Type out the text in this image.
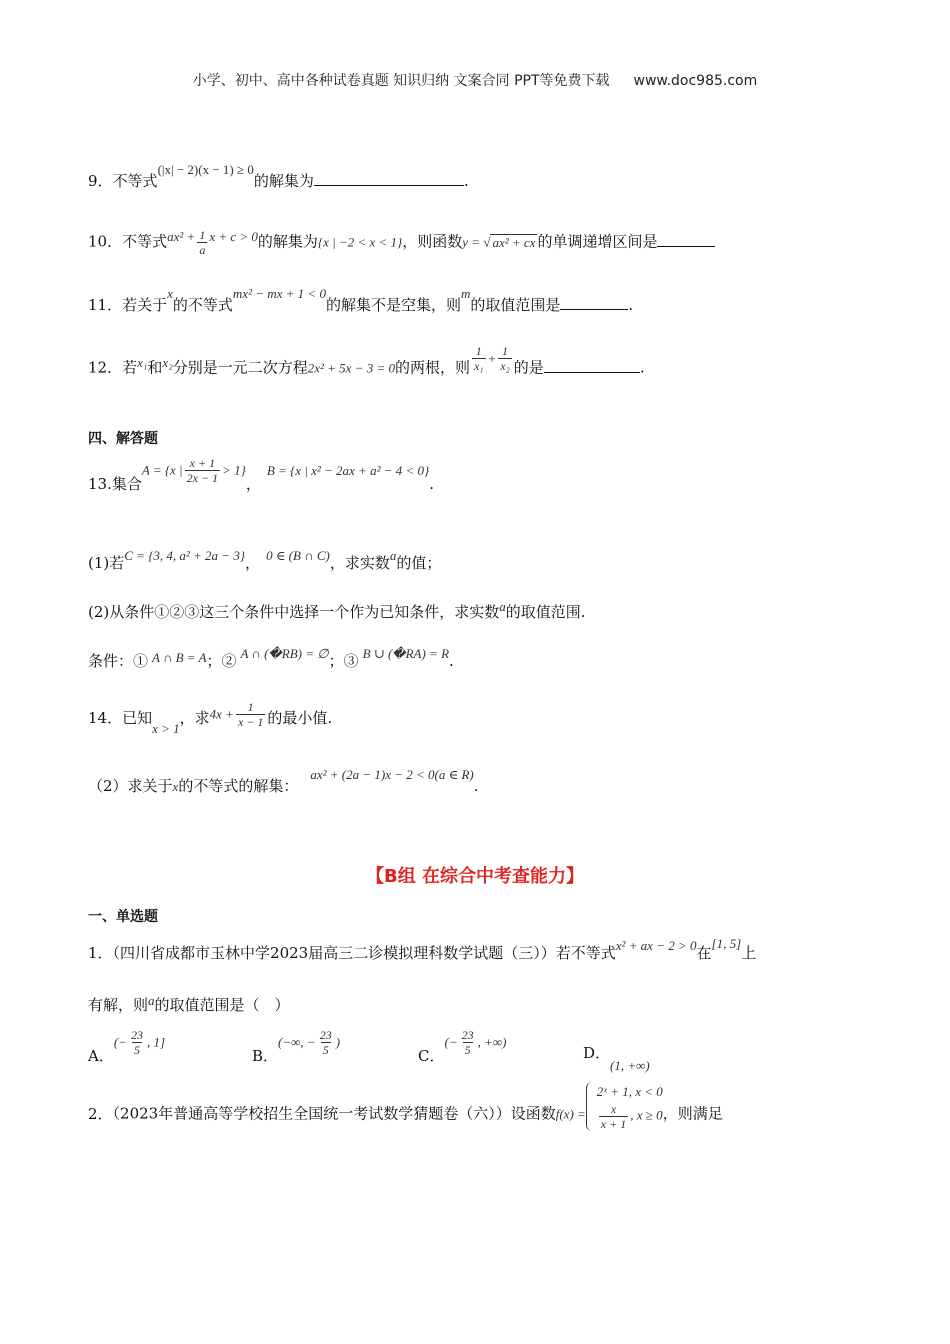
小学、初中、高中各种试卷真题 知识归纳 文案合同 PPT等免费下载 www.doc985.com
9．不等式(|x| − 2)(x − 1) ≥ 0的解集为	.
10．不等式$ax^2 + \frac{1}{a}$ x + c > 0的解集为{x | −2 < x < 1}，则函数y = √ ax² + cx 的单调递增区间是
11．若关于x的不等式mx² − mx + 1 < 0的解集不是空集，则m的取值范围是	.
12．若x₁和x₂分别是一元二次方程2x² + 5x − 3 = 0的两根，则 $\frac{1}{\text{x₁}} + \frac{1}{\text{x₂}}$ 的是	.
四、解答题
13.集合A = {x | $\frac{x + 1}{2x - 1} > 1$}，B = {x | x² − 2ax + a² − 4 < 0}.
(1)若C = {3, 4, a² + 2a − 3}， 0 ∈ (B ∩ C)，求实数a的值；
(2)从条件①②③这三个条件中选择一个作为已知条件，求实数a的取值范围.
条件：① A ∩ B = A；② A ∩ (�RB) = ∅；③ B ∪ (�RA) = R.
14．已知x > 1，求$4x + \frac{1}{x - 1}$ 的最小值.
（2）求关于x的不等式的解集：ax² + (2a − 1)x − 2 < 0(a ∈ R).
【B组 在综合中考查能力】
一、单选题
1．（四川省成都市玉林中学2023届高三二诊模拟理科数学试题（三））若不等式x² + ax − 2 > 0在[1, 5]上
有解，则a的取值范围是（　）
A．(− $\frac{23}{5}$ , 1]
B．(−∞, − $\frac{23}{5}$ )
C．(− $\frac{23}{5}$ , +∞)
D．(1, +∞)
2．（2023年普通高等学校招生全国统一考试数学猜题卷（六））设函数f(x) =
2ˣ + 1, x < 0
$\frac{x}{x + 1}$ , x ≥ 0 ，则满足
